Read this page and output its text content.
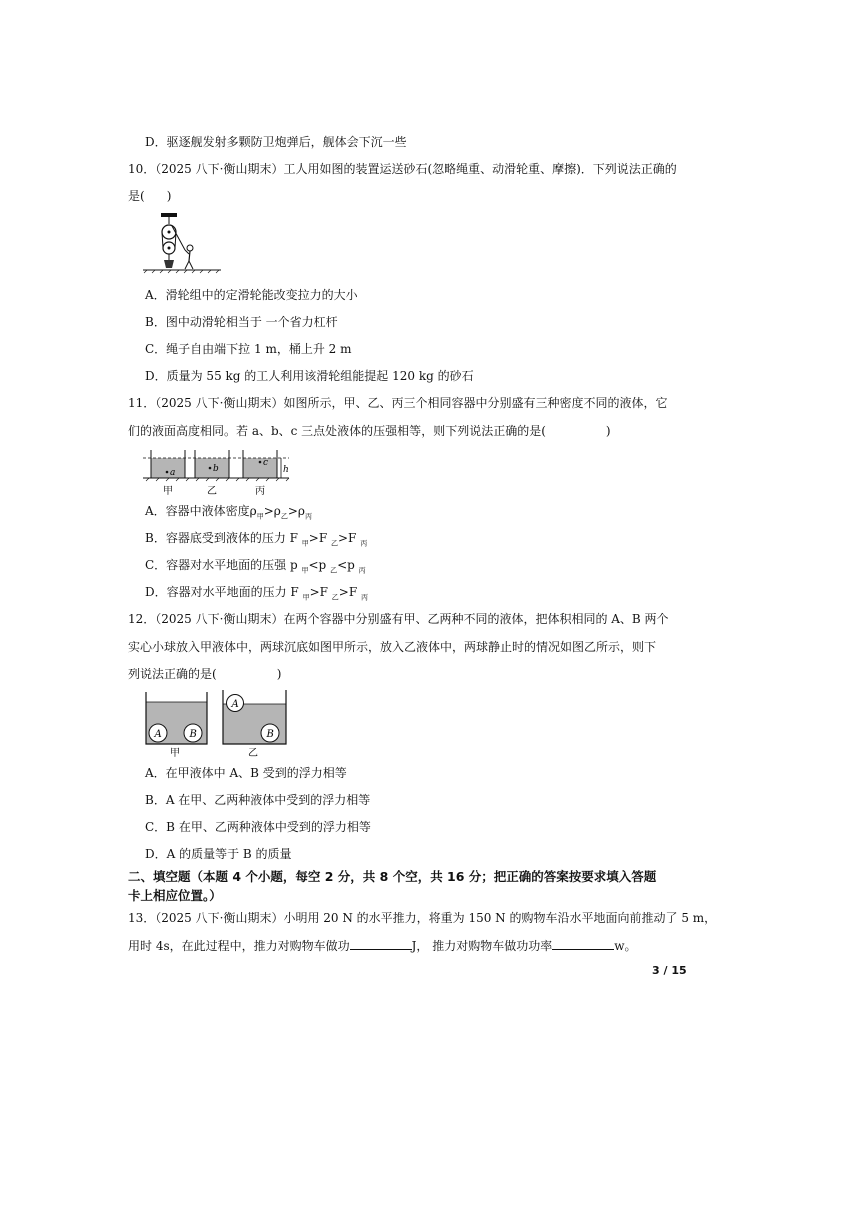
D．驱逐舰发射多颗防卫炮弹后，舰体会下沉一些
10．（2025 八下·衡山期末）工人用如图的装置运送砂石(忽略绳重、动滑轮重、摩擦)．下列说法正确的
是( )
A．滑轮组中的定滑轮能改变拉力的大小
B．图中动滑轮相当于 一个省力杠杆
C．绳子自由端下拉 1 m，桶上升 2 m
D．质量为 55 kg 的工人利用该滑轮组能提起 120 kg 的砂石
11．（2025 八下·衡山期末）如图所示，甲、乙、丙三个相同容器中分别盛有三种密度不同的液体，它
们的液面高度相同。若 a、b、c 三点处液体的压强相等，则下列说法正确的是(	)
h
a	b
c
甲	乙	丙
A．容器中液体密度$\rho_甲>\rho_乙>\rho_丙$
B．容器底受到液体的压力 F $_甲$>F $_乙$>F $_丙$
C．容器对水平地面的压强 p $_甲$<p $_乙$<p $_丙$
D．容器对水平地面的压力 F $_甲$>F $_乙$>F $_丙$
12．（2025 八下·衡山期末）在两个容器中分别盛有甲、乙两种不同的液体，把体积相同的 A、B 两个
实心小球放入甲液体中，两球沉底如图甲所示，放入乙液体中，两球静止时的情况如图乙所示，则下
列说法正确的是(	)
A	B
甲
A
B
乙
A．在甲液体中 A、B 受到的浮力相等
B．A 在甲、乙两种液体中受到的浮力相等
C．B 在甲、乙两种液体中受到的浮力相等
D．A 的质量等于 B 的质量
二、填空题（本题 4 个小题，每空 2 分，共 8 个空，共 16 分；把正确的答案按要求填入答题
卡上相应位置。）
13．（2025 八下·衡山期末）小明用 20 N 的水平推力，将重为 150 N 的购物车沿水平地面向前推动了 5 m，
用时 4s，在此过程中，推力对购物车做功	J， 推力对购物车做功功率	w。
3 / 15
